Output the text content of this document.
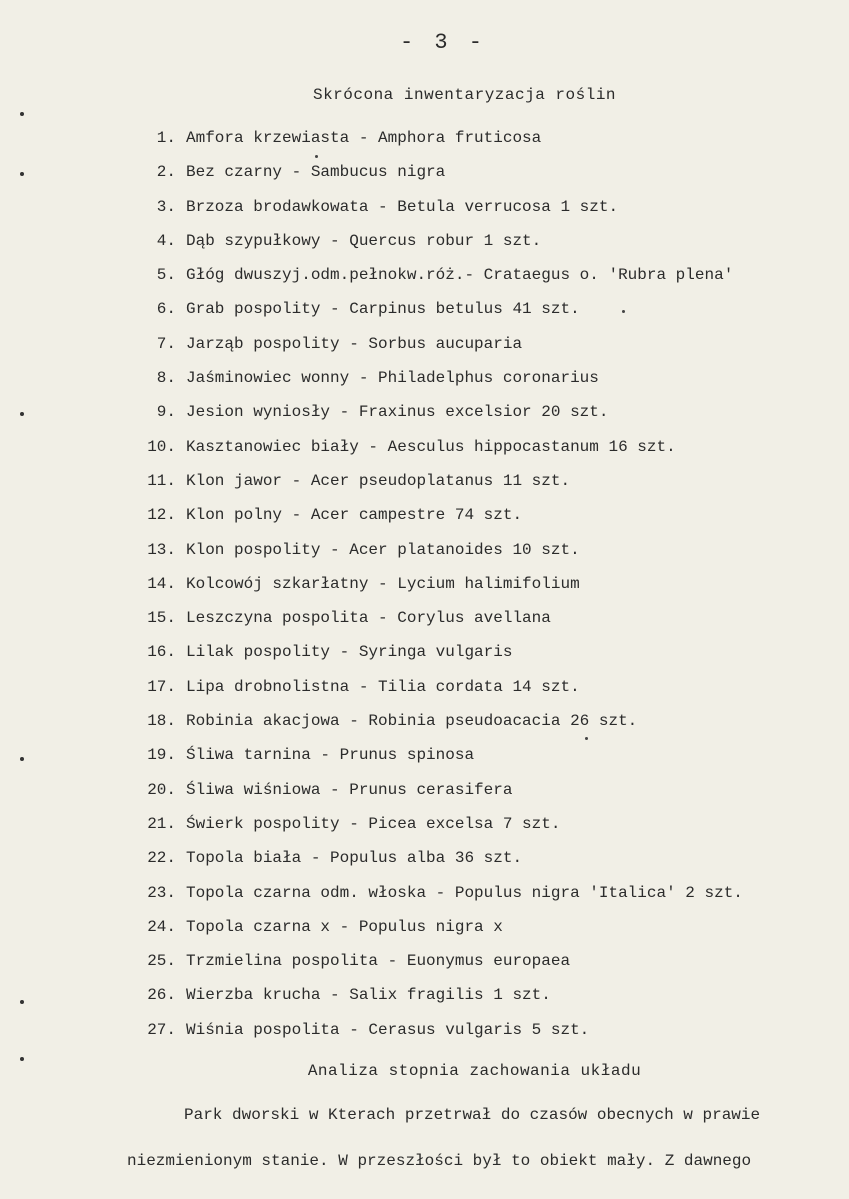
- 3 -
Skrócona inwentaryzacja roślin
1. Amfora krzewiasta - Amphora fruticosa
2. Bez czarny - Sambucus nigra
3. Brzoza brodawkowata - Betula verrucosa 1 szt.
4. Dąb szypułkowy - Quercus robur 1 szt.
5. Głóg dwuszyj.odm.pełnokw.róż.- Crataegus o. 'Rubra plena'
6. Grab pospolity - Carpinus betulus 41 szt.
7. Jarząb pospolity - Sorbus aucuparia
8. Jaśminowiec wonny - Philadelphus coronarius
9. Jesion wyniosły - Fraxinus excelsior 20 szt.
10. Kasztanowiec biały - Aesculus hippocastanum 16 szt.
11. Klon jawor - Acer pseudoplatanus 11 szt.
12. Klon polny - Acer campestre 74 szt.
13. Klon pospolity - Acer platanoides 10 szt.
14. Kolcowój szkarłatny - Lycium halimifolium
15. Leszczyna pospolita - Corylus avellana
16. Lilak pospolity - Syringa vulgaris
17. Lipa drobnolistna - Tilia cordata 14 szt.
18. Robinia akacjowa - Robinia pseudoacacia 26 szt.
19. Śliwa tarnina - Prunus spinosa
20. Śliwa wiśniowa - Prunus cerasifera
21. Świerk pospolity - Picea excelsa 7 szt.
22. Topola biała - Populus alba 36 szt.
23. Topola czarna odm. włoska - Populus nigra 'Italica' 2 szt.
24. Topola czarna x - Populus nigra x
25. Trzmielina pospolita - Euonymus europaea
26. Wierzba krucha - Salix fragilis 1 szt.
27. Wiśnia pospolita - Cerasus vulgaris 5 szt.
Analiza stopnia zachowania układu
Park dworski w Kterach przetrwał do czasów obecnych w prawie
niezmienionym stanie. W przeszłości był to obiekt mały. Z dawnego
